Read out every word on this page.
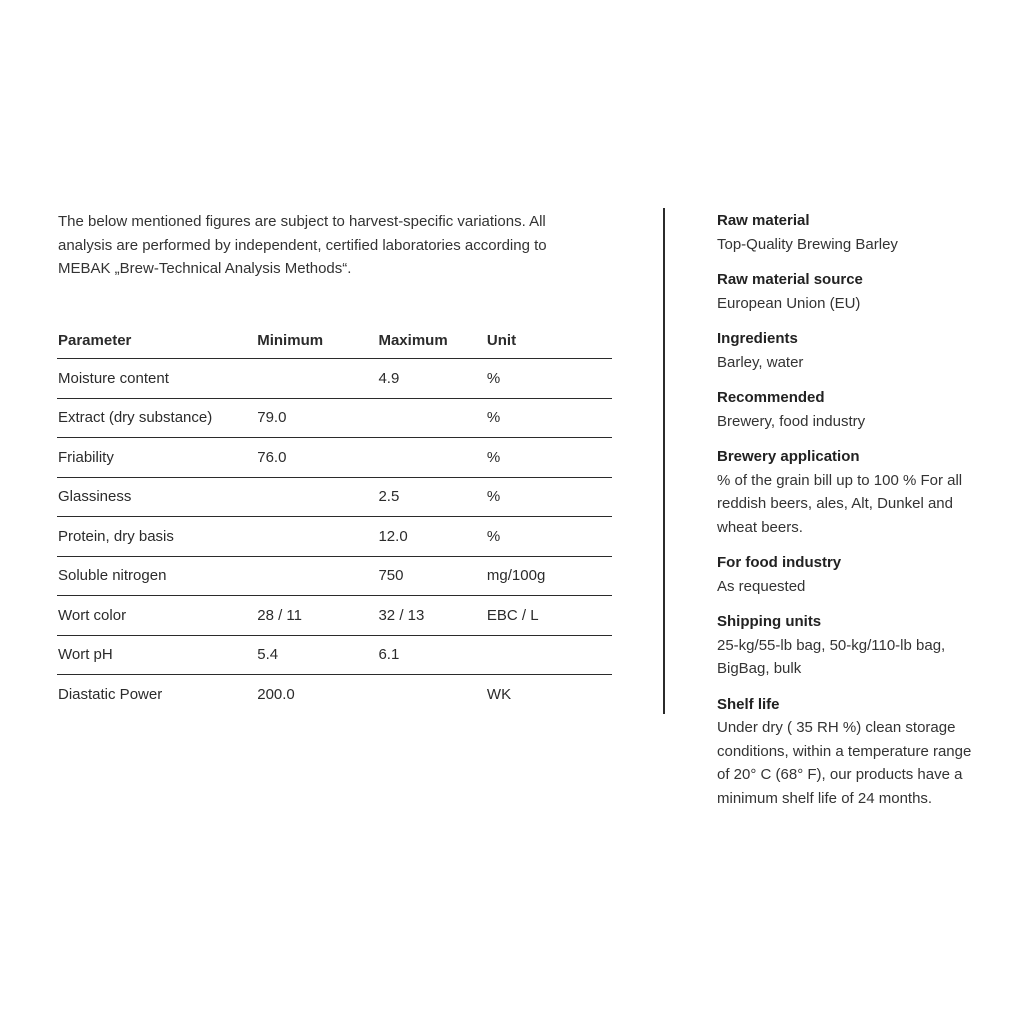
The below mentioned figures are subject to harvest-specific variations. All analysis are performed by independent, certified laboratories according to MEBAK „Brew-Technical Analysis Methods“.
Parameter	Minimum	Maximum	Unit
Moisture content		4.9	%
Extract (dry substance)	79.0		%
Friability	76.0		%
Glassiness		2.5	%
Protein, dry basis		12.0	%
Soluble nitrogen		750	mg/100g
Wort color	28 / 11	32 / 13	EBC / L
Wort pH	5.4	6.1	
Diastatic Power	200.0		WK
Raw material
Top-Quality Brewing Barley
Raw material source
European Union (EU)
Ingredients
Barley, water
Recommended
Brewery, food industry
Brewery application
% of the grain bill up to 100 % For all reddish beers, ales, Alt, Dunkel and wheat beers.
For food industry
As requested
Shipping units
25-kg/55-lb bag, 50-kg/110-lb bag, BigBag, bulk
Shelf life
Under dry ( 35 RH %) clean storage conditions, within a temperature range of 20° C (68° F), our products have a minimum shelf life of 24 months.
